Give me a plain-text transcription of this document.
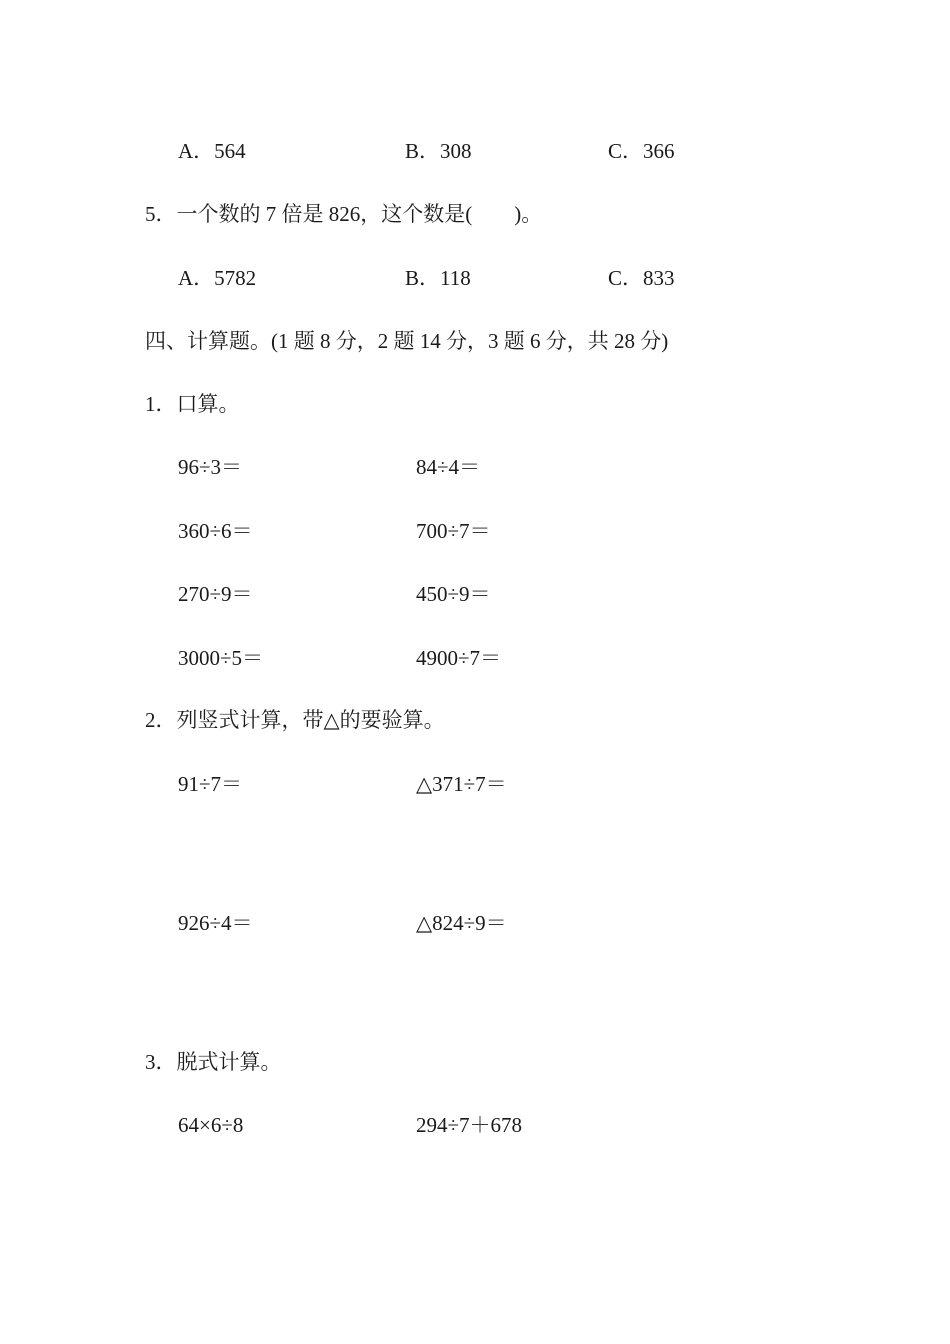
A．564	B．308	C．366
5．一个数的 7 倍是 826，这个数是(　　)。
A．5782	B．118	C．833
四、计算题。(1 题 8 分，2 题 14 分，3 题 6 分，共 28 分)
1．口算。
96÷3＝	84÷4＝
360÷6＝	700÷7＝
270÷9＝	450÷9＝
3000÷5＝	4900÷7＝
2．列竖式计算，带△的要验算。
91÷7＝	△371÷7＝
926÷4＝	△824÷9＝
3．脱式计算。
64×6÷8	294÷7＋678
